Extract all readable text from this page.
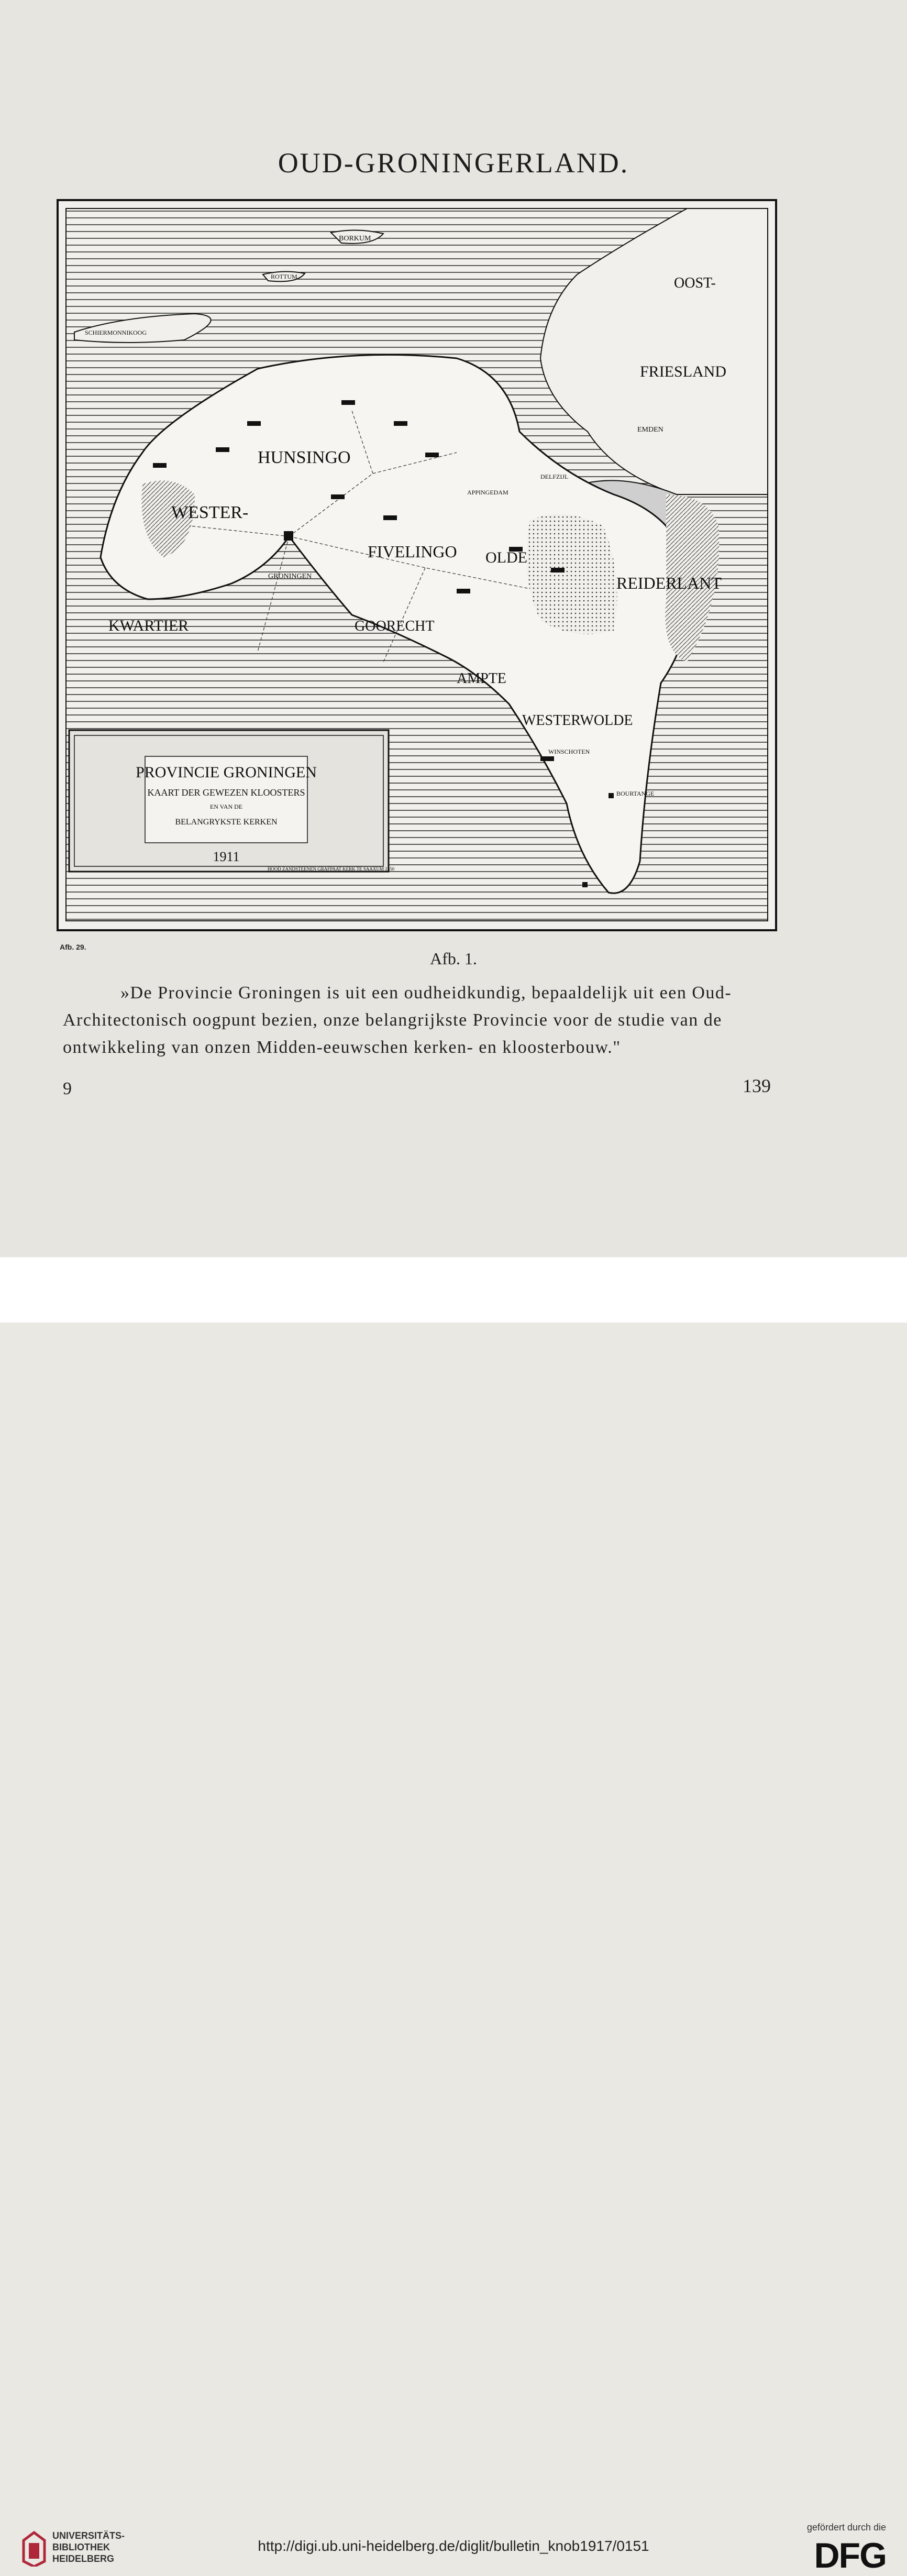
OUD-GRONINGERLAND.
HUNSINGO
WESTER-
KWARTIER
FIVELINGO OLDE
AMPTE
GOORECHT
WESTERWOLDE
REIDERLANT
OOST-
FRIESLAND
BORKUM
ROTTUM
SCHIERMONNIKOOG
GRONINGEN
EMDEN
BOURTANGE
WINSCHOTEN
DELFZIJL
APPINGEDAM
PROVINCIE GRONINGEN
KAART DER GEWEZEN KLOOSTERS
EN VAN DE
BELANGRYKSTE KERKEN
1911
HOOD ZANDSTEENEN GRAFPAAT KERK TE SAAXUM 1550
Afb. 29.
Afb. 1.
»De Provincie Groningen is uit een oudheidkundig, bepaaldelijk uit een Oud-
Architectonisch oogpunt bezien, onze belangrijkste Provincie voor de studie van de
ontwikkeling van onzen Midden-eeuwschen kerken- en kloosterbouw."
9	139
UNIVERSITÄTS-
BIBLIOTHEK
HEIDELBERG
http://digi.ub.uni-heidelberg.de/diglit/bulletin_knob1917/0151
gefördert durch die
DFG
